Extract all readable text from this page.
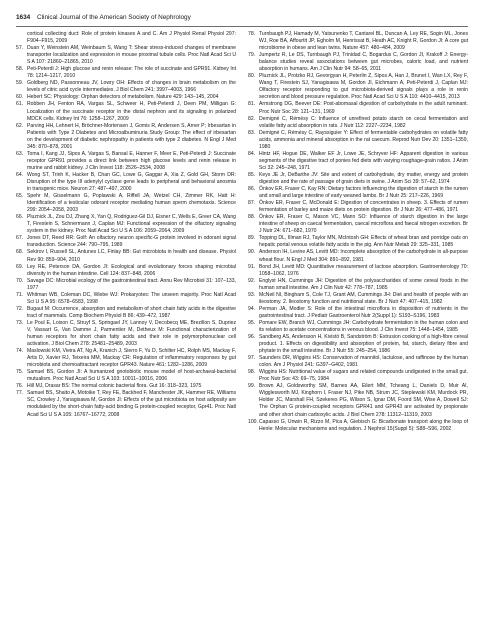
1634 Clinical Journal of the American Society of Nephrology

cortical collecting duct: Role of protein kinases A and C. Am J Physiol Renal Physiol 297: F904–F915, 2009

57. Duan Y, Weinstein AM, Weinbaum S, Wang T: Shear stress-induced changes of membrane transporter localization and expression in mouse proximal tubule cells. Proc Natl Acad Sci U S A 107: 21860–21865, 2010

58. Peti-Peterdi J: High glucose and renin release: The role of succinate and GPR91. Kidney Int 78: 1214–1217, 2010

59. Goldberg ND, Passonneau JV, Lowry OH: Effects of changes in brain metabolism on the levels of citric acid cycle intermediates. J Biol Chem 241: 3997–4003, 1966

60. Hebert SC: Physiology: Orphan detectors of metabolism. Nature 429: 143–145, 2004

61. Robben JH, Fenton RA, Vargas SL, Schweer H, Peti-Peterdi J, Deen PM, Milligan G: Localization of the succinate receptor in the distal nephron and its signaling in polarized MDCK cells. Kidney Int 76: 1258–1267, 2009

62. Parving HH, Lehnert H, Bröchner-Mortensen J, Gomis R, Andersen S, Arner P; Irbesartan in Patients with Type 2 Diabetes and Microalbuminuria Study Group: The effect of irbesartan on the development of diabetic nephropathy in patients with type 2 diabetes. N Engl J Med 345: 870–878, 2001

63. Toma I, Kang JJ, Sipos A, Vargas S, Bansal E, Hanner F, Meer E, Peti-Peterdi J: Succinate receptor GPR91 provides a direct link between high glucose levels and renin release in murine and rabbit kidney. J Clin Invest 118: 2526–2534, 2008

64. Wong ST, Trinh K, Hacker B, Chan GC, Lowe G, Gaggar A, Xia Z, Gold GH, Storm DR: Disruption of the type III adenylyl cyclase gene leads to peripheral and behavioral anosmia in transgenic mice. Neuron 27: 487–497, 2000

65. Spehr M, Gisselmann G, Poplawski A, Riffell JA, Wetzel CH, Zimmer RK, Hatt H: Identification of a testicular odorant receptor mediating human sperm chemotaxis. Science 299: 2054–2058, 2003

66. Pluznick JL, Zou DJ, Zhang X, Yan Q, Rodriguez-Gil DJ, Eisner C, Wells E, Greer CA, Wang T, Firestein S, Schnermann J, Caplan MJ: Functional expression of the olfactory signaling system in the kidney. Proc Natl Acad Sci U S A 106: 2059–2064, 2009

67. Jones DT, Reed RR: Golf: An olfactory neuron specific-G protein involved in odorant signal transduction. Science 244: 790–795, 1989

68. Sekirov I, Russell SL, Antunes LC, Finlay BB: Gut microbiota in health and disease. Physiol Rev 90: 859–904, 2010

69. Ley RE, Peterson DA, Gordon JI: Ecological and evolutionary forces shaping microbial diversity in the human intestine. Cell 124: 837–848, 2006

70. Savage DC: Microbial ecology of the gastrointestinal tract. Annu Rev Microbiol 31: 107–133, 1977

71. Whitman WB, Coleman DC, Wiebe WJ: Prokaryotes: The unseen majority. Proc Natl Acad Sci U S A 95: 6578–6583, 1998

72. Bugaut M: Occurrence, absorption and metabolism of short chain fatty acids in the digestive tract of mammals. Comp Biochem Physiol B 86: 439–472, 1987

73. Le Poul E, Loison C, Struyf S, Springael JY, Lannoy V, Decobecq ME, Brezillon S, Dupriez V, Vassart G, Van Damme J, Parmentier M, Detheux M: Functional characterization of human receptors for short chain fatty acids and their role in polymorphonuclear cell activation. J Biol Chem 278: 25481–25489, 2003

74. Maslowski KM, Vieira AT, Ng A, Kranich J, Sierro F, Yu D, Schilter HC, Rolph MS, Mackay F, Artis D, Xavier RJ, Teixeira MM, Mackay CR: Regulation of inflammatory responses by gut microbiota and chemoattractant receptor GPR43. Nature 461: 1282–1286, 2009

75. Samuel BS, Gordon JI: A humanized gnotobiotic mouse model of host-archaeal-bacterial mutualism. Proc Natl Acad Sci U S A 103: 10011–10016, 2006

76. Hill MJ, Drasar BS: The normal colonic bacterial flora. Gut 16: 318–323, 1975

77. Samuel BS, Shaito A, Motoike T, Rey FE, Backhed F, Manchester JK, Hammer RE, Williams SC, Crowley J, Yanagisawa M, Gordon JI: Effects of the gut microbiota on host adiposity are modulated by the short-chain fatty-acid binding G protein-coupled receptor, Gpr41. Proc Natl Acad Sci U S A 105: 16767–16772, 2008

78. Turnbaugh PJ, Hamady M, Yatsunenko T, Cantarel BL, Duncan A, Ley RE, Sogin ML, Jones WJ, Roe BA, Affourtit JP, Egholm M, Henrissat B, Heath AC, Knight R, Gordon JI: A core gut microbiome in obese and lean twins. Nature 457: 480–484, 2009

79. Jumpertz R, Le DS, Turnbaugh PJ, Trinidad C, Bogardus C, Gordon JI, Krakoff J: Energy-balance studies reveal associations between gut microbes, caloric load, and nutrient absorption in humans. Am J Clin Nutr 94: 58–65, 2011

80. Pluznick JL, Protzko RJ, Gevorgyan H, Peterlin Z, Sipos A, Han J, Brunet I, Wan LX, Rey F, Wang T, Firestein SJ, Yanagisawa M, Gordon JI, Eichmann A, Peti-Peterdi J, Caplan MJ: Olfactory receptor responding to gut microbiota-derived signals plays a role in renin secretion and blood pressure regulation. Proc Natl Acad Sci U S A 110: 4410–4415, 2013

81. Armstrong DG, Beever DE: Post-abomasal digestion of carbohydrate in the adult ruminant. Proc Nutr Soc 28: 121–131, 1969

82. Demigné C, Rémésy C: Influence of unrefined potato starch on cecal fermentation and volatile fatty acid absorption in rats. J Nutr 112: 2227–2234, 1982

83. Demigné C, Rémésy C, Rayssiguier Y: Effect of fermentable carbohydrates on volatile fatty acids, ammonia and mineral absorption in the rat caecum. Reprod Nutr Dev 20: 1351–1359, 1980

84. Hintz HF, Hogue DE, Walker EF Jr, Lowe JE, Schryver HF: Apparent digestion in various segments of the digestive tract of ponies fed diets with varying roughage-grain ratios. J Anim Sci 32: 245–248, 1971

85. Keys JE Jr, DeBarthe JV: Site and extent of carbohydrate, dry matter, energy and protein digestion and the rate of passage of grain diets in swine. J Anim Sci 39: 57–62, 1974

86. Önkov ER, Fraser C, Kay RN: Dietary factors influencing the digestion of starch in the rumen and small and large intestine of early weaned lambs. Br J Nutr 25: 217–226, 1969

87. Önkov ER, Fraser C, McDonald E: Digestion of concentrates in sheep. 3. Effects of rumen fermentation of barley and maize diets on protein digestion. Br J Nutr 26: 477–486, 1971

88. Önkov ER, Fraser C, Mason VC, Mann SO: Influence of starch digestion in the large intestine of sheep on caecal fermentation, caecal microflora and faecal nitrogen excretion. Br J Nutr 24: 671–682, 1970

89. Topping DL, Illman RJ, Taylor MN, McIntosh GH: Effects of wheat bran and porridge oats on hepatic portal venous volatile fatty acids in the pig. Ann Nutr Metab 29: 325–331, 1985

90. Anderson IH, Levine AS, Levitt MD: Incomplete absorption of the carbohydrate in all-purpose wheat flour. N Engl J Med 304: 891–892, 1981

91. Bond JH, Levitt MD: Quantitative measurement of lactose absorption. Gastroenterology 70: 1058–1062, 1976

92. Englyst HN, Cummings JH: Digestion of the polysaccharides of some cereal foods in the human small intestine. Am J Clin Nutr 42: 778–787, 1985

93. McNeil NI, Bingham S, Cole TJ, Grant AM, Cummings JH: Diet and health of people with an ileostomy. 2. Ileostomy function and nutritional state. Br J Nutr 47: 407–415, 1982

94. Perman JA, Modler S: Role of the intestinal microflora in disposition of nutrients in the gastrointestinal tract. J Pediatr Gastroenterol Nutr 2(Suppl 1): S193–S196, 1983

95. Pomare EW, Branch WJ, Cummings JH: Carbohydrate fermentation in the human colon and its relation to acetate concentrations in venous blood. J Clin Invest 75: 1448–1454, 1985

96. Sandberg AS, Andersson H, Kivistö B, Sandström B: Extrusion cooking of a high-fibre cereal product. 1. Effects on digestibility and absorption of protein, fat, starch, dietary fibre and phytate in the small intestine. Br J Nutr 55: 245–254, 1986

97. Saunders DR, Wiggins HS: Conservation of mannitol, lactulose, and raffinose by the human colon. Am J Physiol 241: G397–G402, 1981

98. Wiggins HS: Nutritional value of sugars and related compounds undigested in the small gut. Proc Nutr Soc 43: 69–75, 1984

99. Brown AJ, Goldsworthy SM, Barnes AA, Eilert MM, Tcheang L, Daniels D, Muir AI, Wigglesworth MJ, Kinghorn I, Fraser NJ, Pike NB, Strum JC, Steplewski KM, Murdock PR, Holder JC, Marshall FH, Szekeres PG, Wilson S, Ignar DM, Foord SM, Wise A, Dowell SJ: The Orphan G protein-coupled receptors GPR41 and GPR43 are activated by propionate and other short chain carboxylic acids. J Biol Chem 278: 11312–11319, 2003

100.Capasso G, Unwin R, Rizzo M, Pica A, Giebisch G: Bicarbonate transport along the loop of Henle: Molecular mechanisms and regulation. J Nephrol 15(Suppl 5): S88–S96, 2002
